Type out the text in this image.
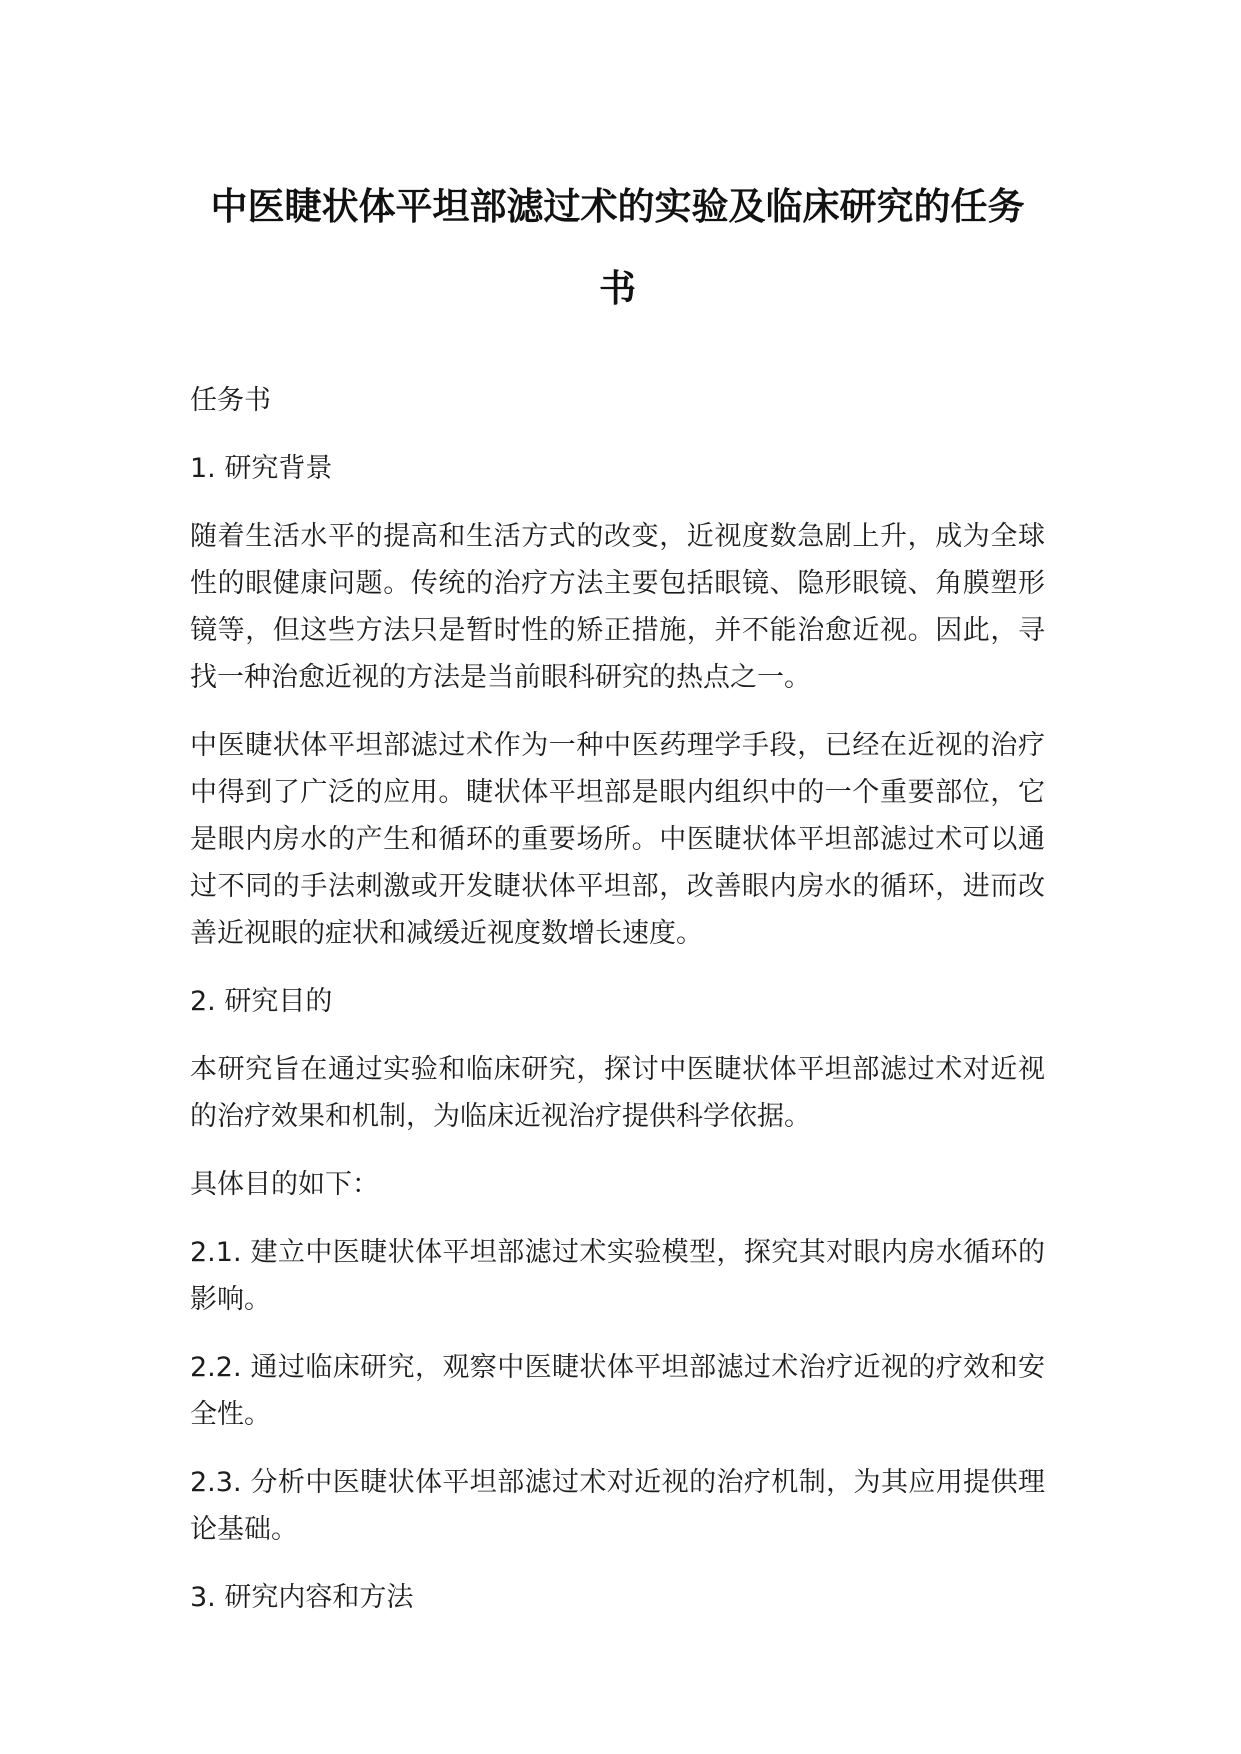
中医睫状体平坦部滤过术的实验及临床研究的任务
书
任务书
1. 研究背景
随着生活水平的提高和生活方式的改变，近视度数急剧上升，成为全球
性的眼健康问题。传统的治疗方法主要包括眼镜、隐形眼镜、角膜塑形
镜等，但这些方法只是暂时性的矫正措施，并不能治愈近视。因此，寻
找一种治愈近视的方法是当前眼科研究的热点之一。
中医睫状体平坦部滤过术作为一种中医药理学手段，已经在近视的治疗
中得到了广泛的应用。睫状体平坦部是眼内组织中的一个重要部位，它
是眼内房水的产生和循环的重要场所。中医睫状体平坦部滤过术可以通
过不同的手法刺激或开发睫状体平坦部，改善眼内房水的循环，进而改
善近视眼的症状和减缓近视度数增长速度。
2. 研究目的
本研究旨在通过实验和临床研究，探讨中医睫状体平坦部滤过术对近视
的治疗效果和机制，为临床近视治疗提供科学依据。
具体目的如下：
2.1. 建立中医睫状体平坦部滤过术实验模型，探究其对眼内房水循环的
影响。
2.2. 通过临床研究，观察中医睫状体平坦部滤过术治疗近视的疗效和安
全性。
2.3. 分析中医睫状体平坦部滤过术对近视的治疗机制，为其应用提供理
论基础。
3. 研究内容和方法
